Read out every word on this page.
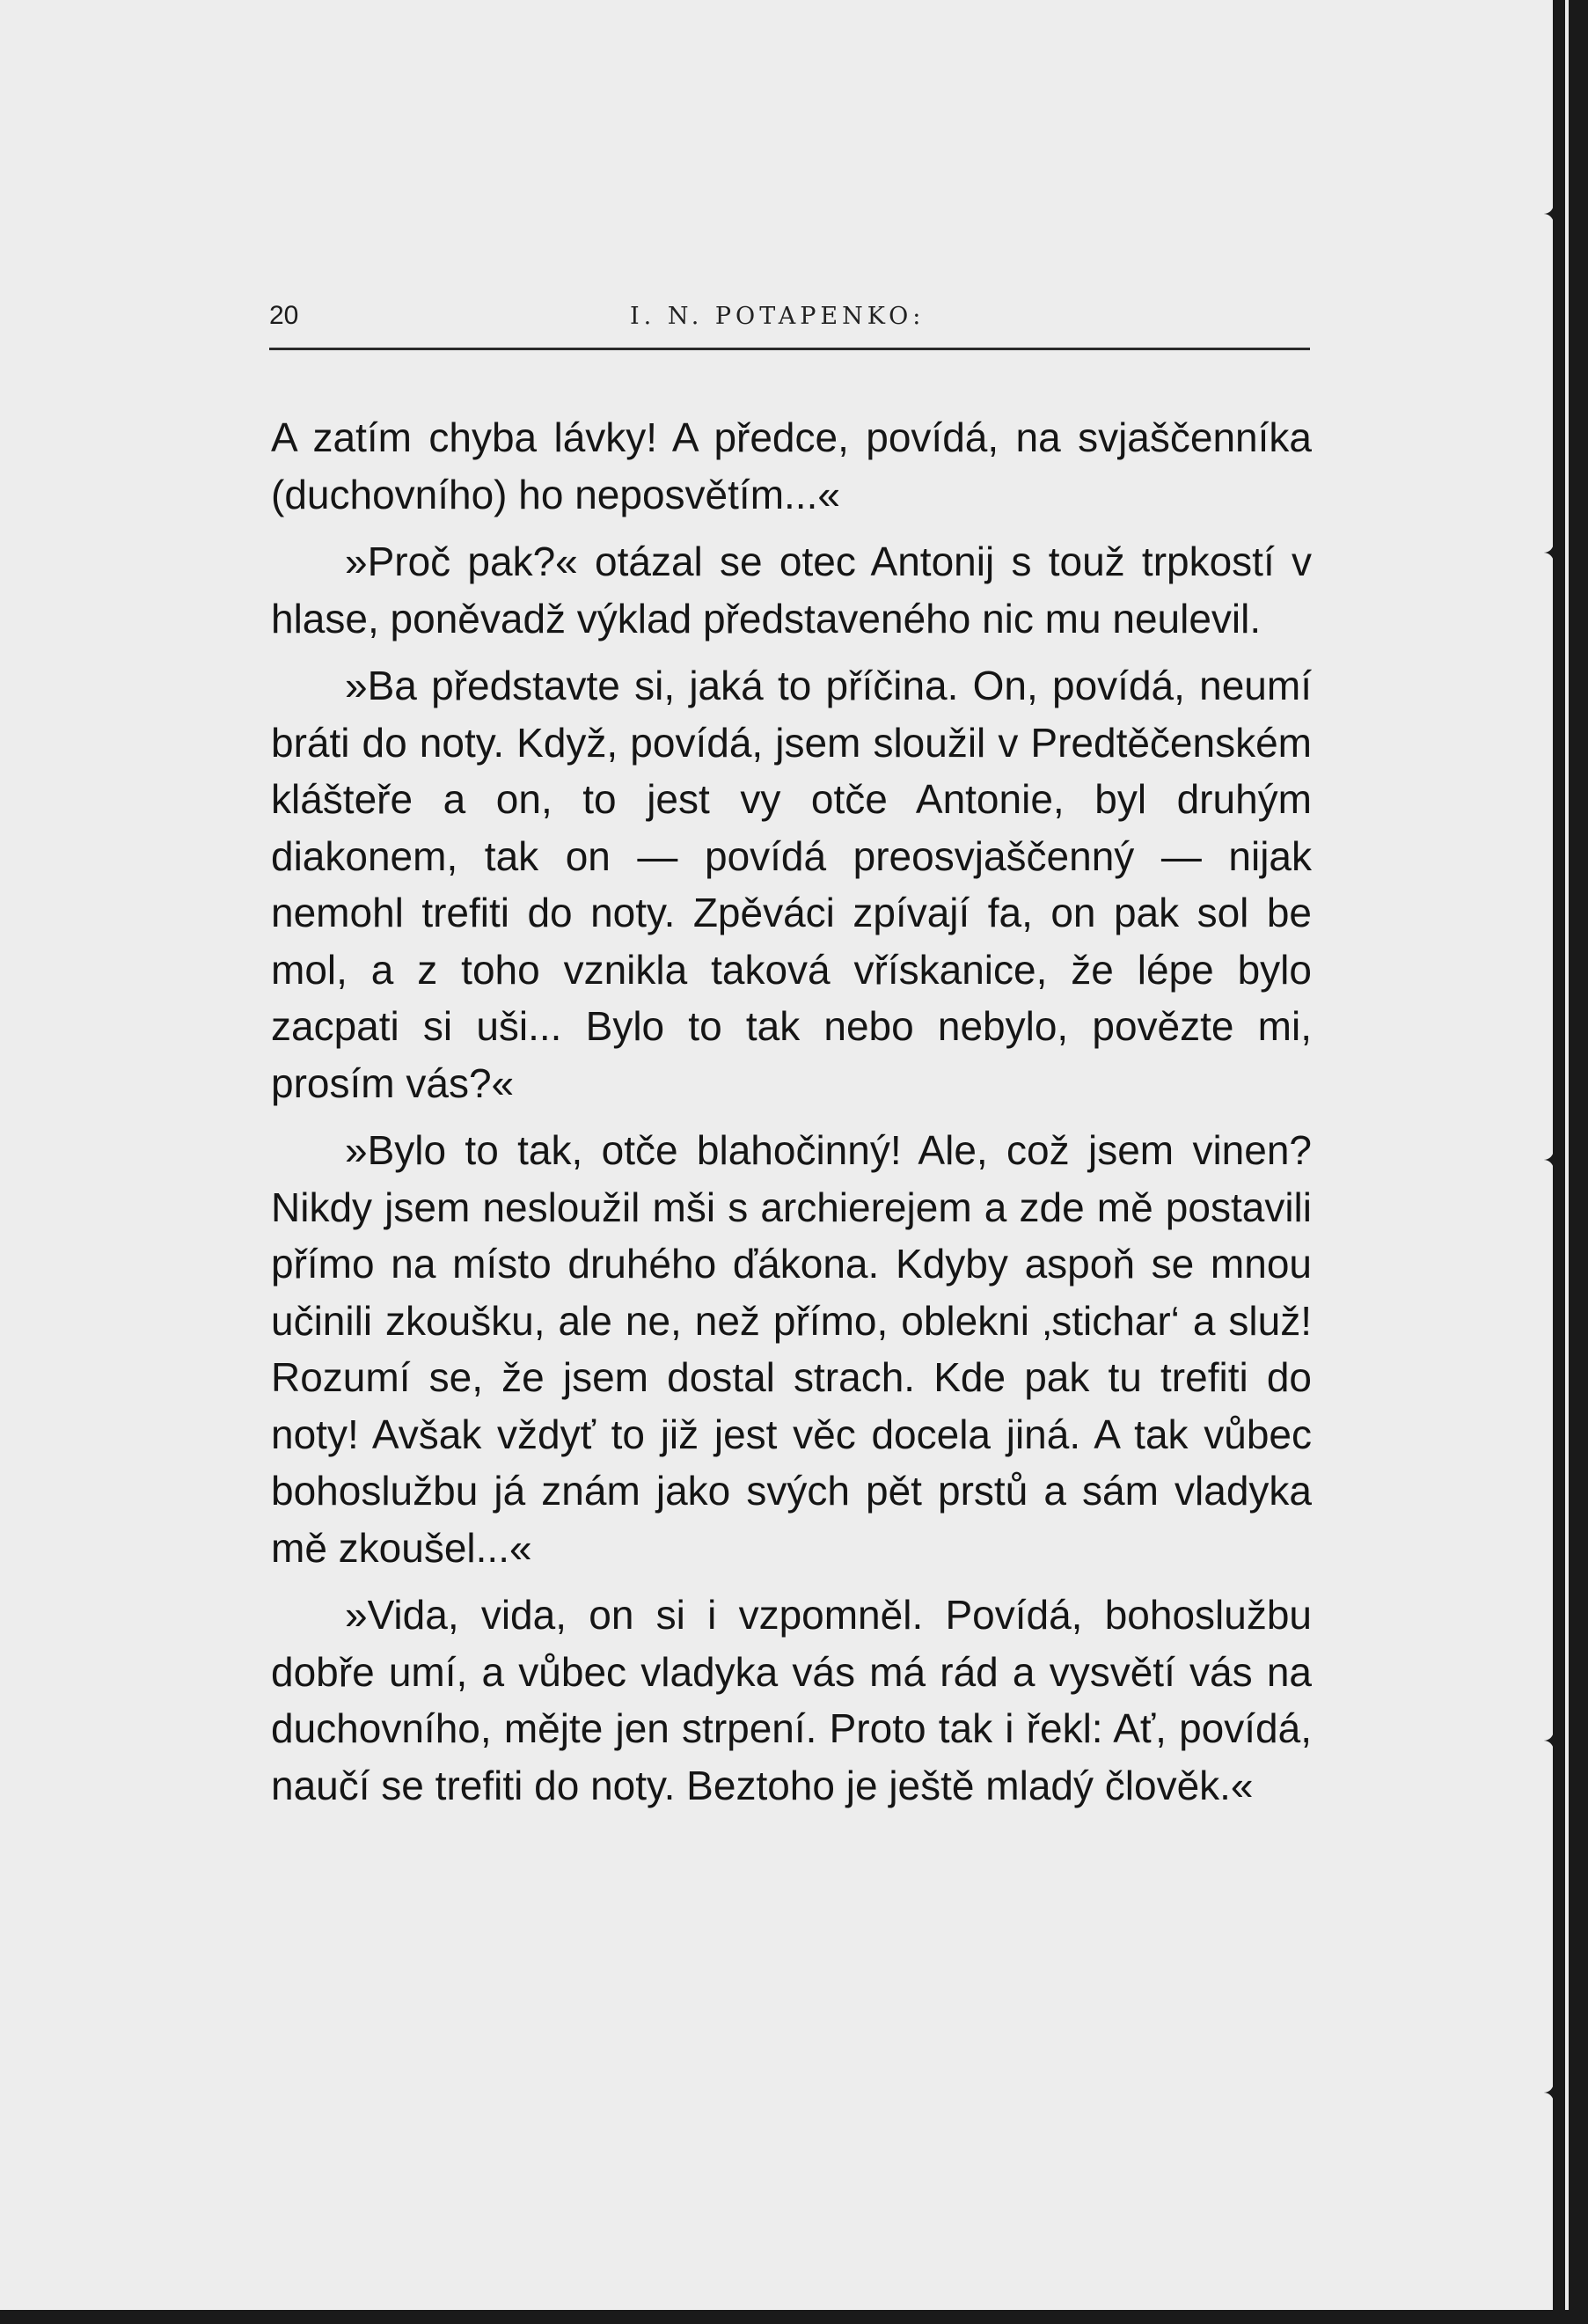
20	I. N. POTAPENKO:

A zatím chyba lávky! A předce, povídá, na svjaščenníka (duchovního) ho neposvětím...«

»Proč pak?« otázal se otec Antonij s touž trpkostí v hlase, poněvadž výklad představeného nic mu neulevil.

»Ba představte si, jaká to příčina. On, povídá, neumí bráti do noty. Když, povídá, jsem sloužil v Predtěčenském klášteře a on, to jest vy otče Antonie, byl druhým diakonem, tak on — povídá preosvjaščenný — nijak nemohl trefiti do noty. Zpěváci zpívají fa, on pak sol be mol, a z toho vznikla taková vřískanice, že lépe bylo zacpati si uši... Bylo to tak nebo nebylo, povězte mi, prosím vás?«

»Bylo to tak, otče blahočinný! Ale, což jsem vinen? Nikdy jsem nesloužil mši s archierejem a zde mě postavili přímo na místo druhého ďákona. Kdyby aspoň se mnou učinili zkoušku, ale ne, než přímo, oblekni ‚stichar‘ a služ! Rozumí se, že jsem dostal strach. Kde pak tu trefiti do noty! Avšak vždyť to již jest věc docela jiná. A tak vůbec bohoslužbu já znám jako svých pět prstů a sám vladyka mě zkoušel...«

»Vida, vida, on si i vzpomněl. Povídá, bohoslužbu dobře umí, a vůbec vladyka vás má rád a vysvětí vás na duchovního, mějte jen strpení. Proto tak i řekl: Ať, povídá, naučí se trefiti do noty. Beztoho je ještě mladý člověk.«

✦
✦
✦
✦
✦
